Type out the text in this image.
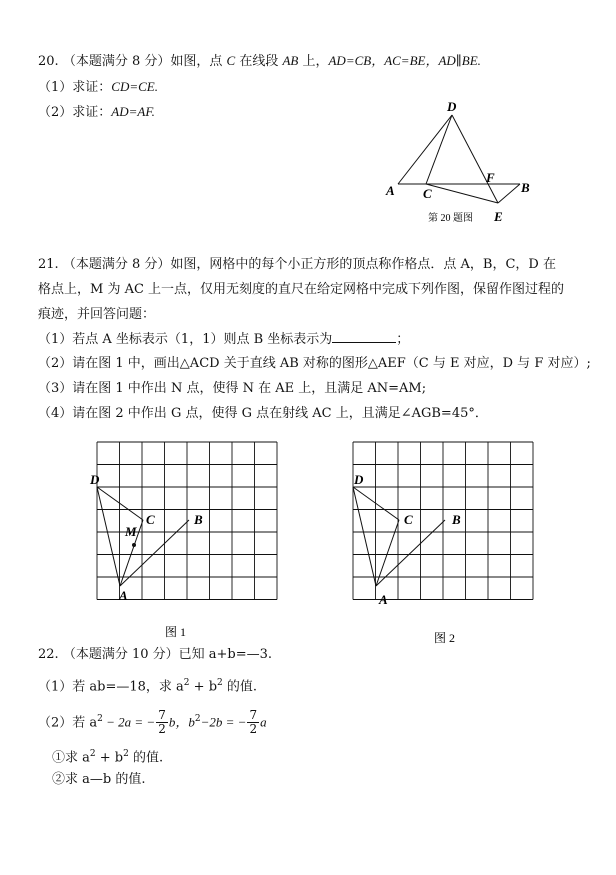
20. （本题满分 8 分）如图，点 C 在线段 AB 上，AD=CB，AC=BE，AD∥BE.
（1）求证：CD=CE.
（2）求证：AD=AF.	D
A C
F
B
E
第 20 题图
21. （本题满分 8 分）如图，网格中的每个小正方形的顶点称作格点．点 A，B，C，D 在
格点上，M 为 AC 上一点，仅用无刻度的直尺在给定网格中完成下列作图，保留作图过程的
痕迹，并回答问题：
（1）若点 A 坐标表示（1，1）则点 B 坐标表示为	；
（2）请在图 1 中，画出△ACD 关于直线 AB 对称的图形△AEF（C 与 E 对应，D 与 F 对应）;
（3）请在图 1 中作出 N 点，使得 N 在 AE 上，且满足 AN=AM;
（4）请在图 2 中作出 G 点，使得 G 点在射线 AC 上，且满足∠AGB=45°．
D
C	B
M
A
图 1
D
C	B
A
图 2
22. （本题满分 10 分）已知 a+b=—3.
（1）若 ab=—18，求 $a^2 + b^2$ 的值.
（2）若 $a^2 - 2a$ = − $\frac{7}{2}$ b，$b^2-2b$ = − $\frac{7}{2}$ a
①求 $a^2 + b^2$ 的值.
②求 a—b 的值.
